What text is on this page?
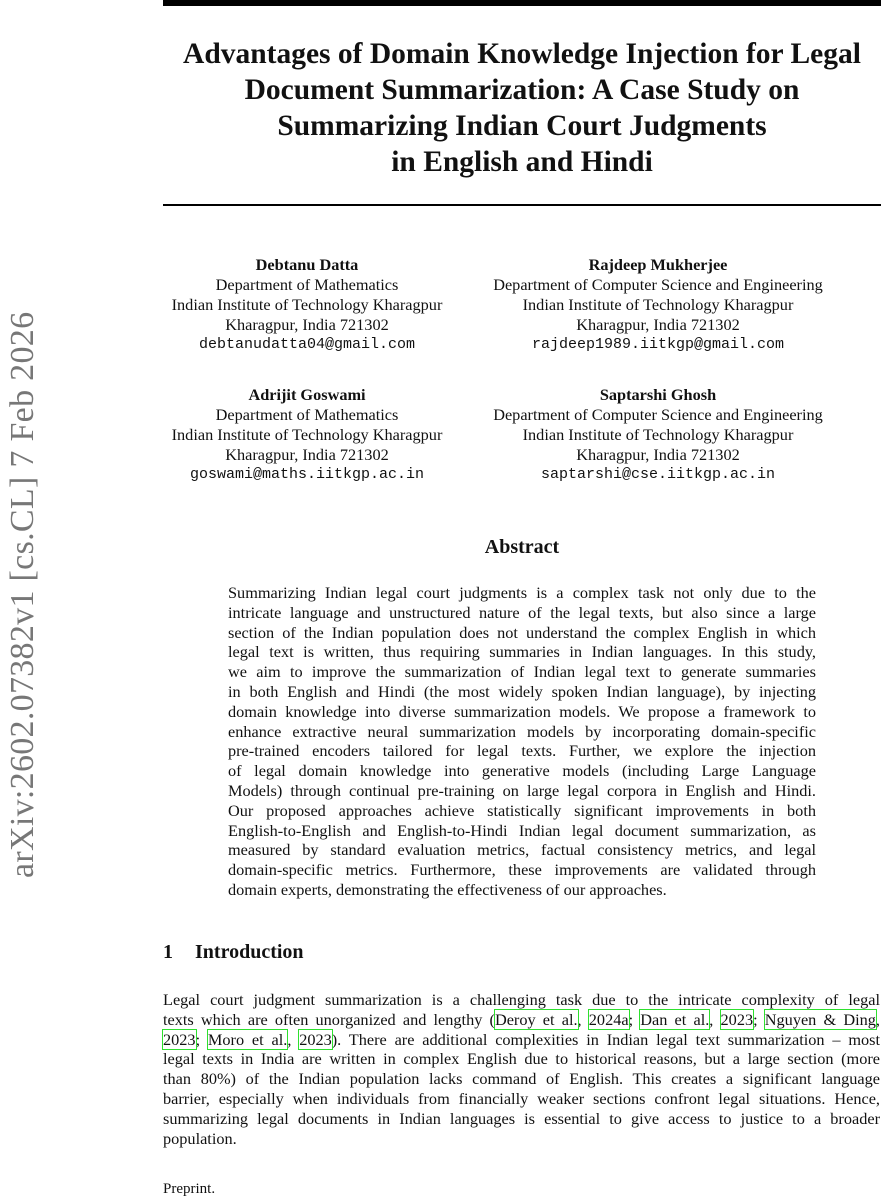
arXiv:2602.07382v1 [cs.CL] 7 Feb 2026
Advantages of Domain Knowledge Injection for Legal
Document Summarization: A Case Study on
Summarizing Indian Court Judgments
in English and Hindi
Debtanu Datta
Department of Mathematics
Indian Institute of Technology Kharagpur
Kharagpur, India 721302
debtanudatta04@gmail.com
Rajdeep Mukherjee
Department of Computer Science and Engineering
Indian Institute of Technology Kharagpur
Kharagpur, India 721302
rajdeep1989.iitkgp@gmail.com
Adrijit Goswami
Department of Mathematics
Indian Institute of Technology Kharagpur
Kharagpur, India 721302
goswami@maths.iitkgp.ac.in
Saptarshi Ghosh
Department of Computer Science and Engineering
Indian Institute of Technology Kharagpur
Kharagpur, India 721302
saptarshi@cse.iitkgp.ac.in
Abstract
Summarizing Indian legal court judgments is a complex task not only due to the
intricate language and unstructured nature of the legal texts, but also since a large
section of the Indian population does not understand the complex English in which
legal text is written, thus requiring summaries in Indian languages. In this study,
we aim to improve the summarization of Indian legal text to generate summaries
in both English and Hindi (the most widely spoken Indian language), by injecting
domain knowledge into diverse summarization models. We propose a framework to
enhance extractive neural summarization models by incorporating domain-specific
pre-trained encoders tailored for legal texts. Further, we explore the injection
of legal domain knowledge into generative models (including Large Language
Models) through continual pre-training on large legal corpora in English and Hindi.
Our proposed approaches achieve statistically significant improvements in both
English-to-English and English-to-Hindi Indian legal document summarization, as
measured by standard evaluation metrics, factual consistency metrics, and legal
domain-specific metrics. Furthermore, these improvements are validated through
domain experts, demonstrating the effectiveness of our approaches.
1 Introduction
Legal court judgment summarization is a challenging task due to the intricate complexity of legal
texts which are often unorganized and lengthy (Deroy et al., 2024a; Dan et al., 2023; Nguyen & Ding,
2023; Moro et al., 2023). There are additional complexities in Indian legal text summarization – most
legal texts in India are written in complex English due to historical reasons, but a large section (more
than 80%) of the Indian population lacks command of English. This creates a significant language
barrier, especially when individuals from financially weaker sections confront legal situations. Hence,
summarizing legal documents in Indian languages is essential to give access to justice to a broader
population.
Preprint.
